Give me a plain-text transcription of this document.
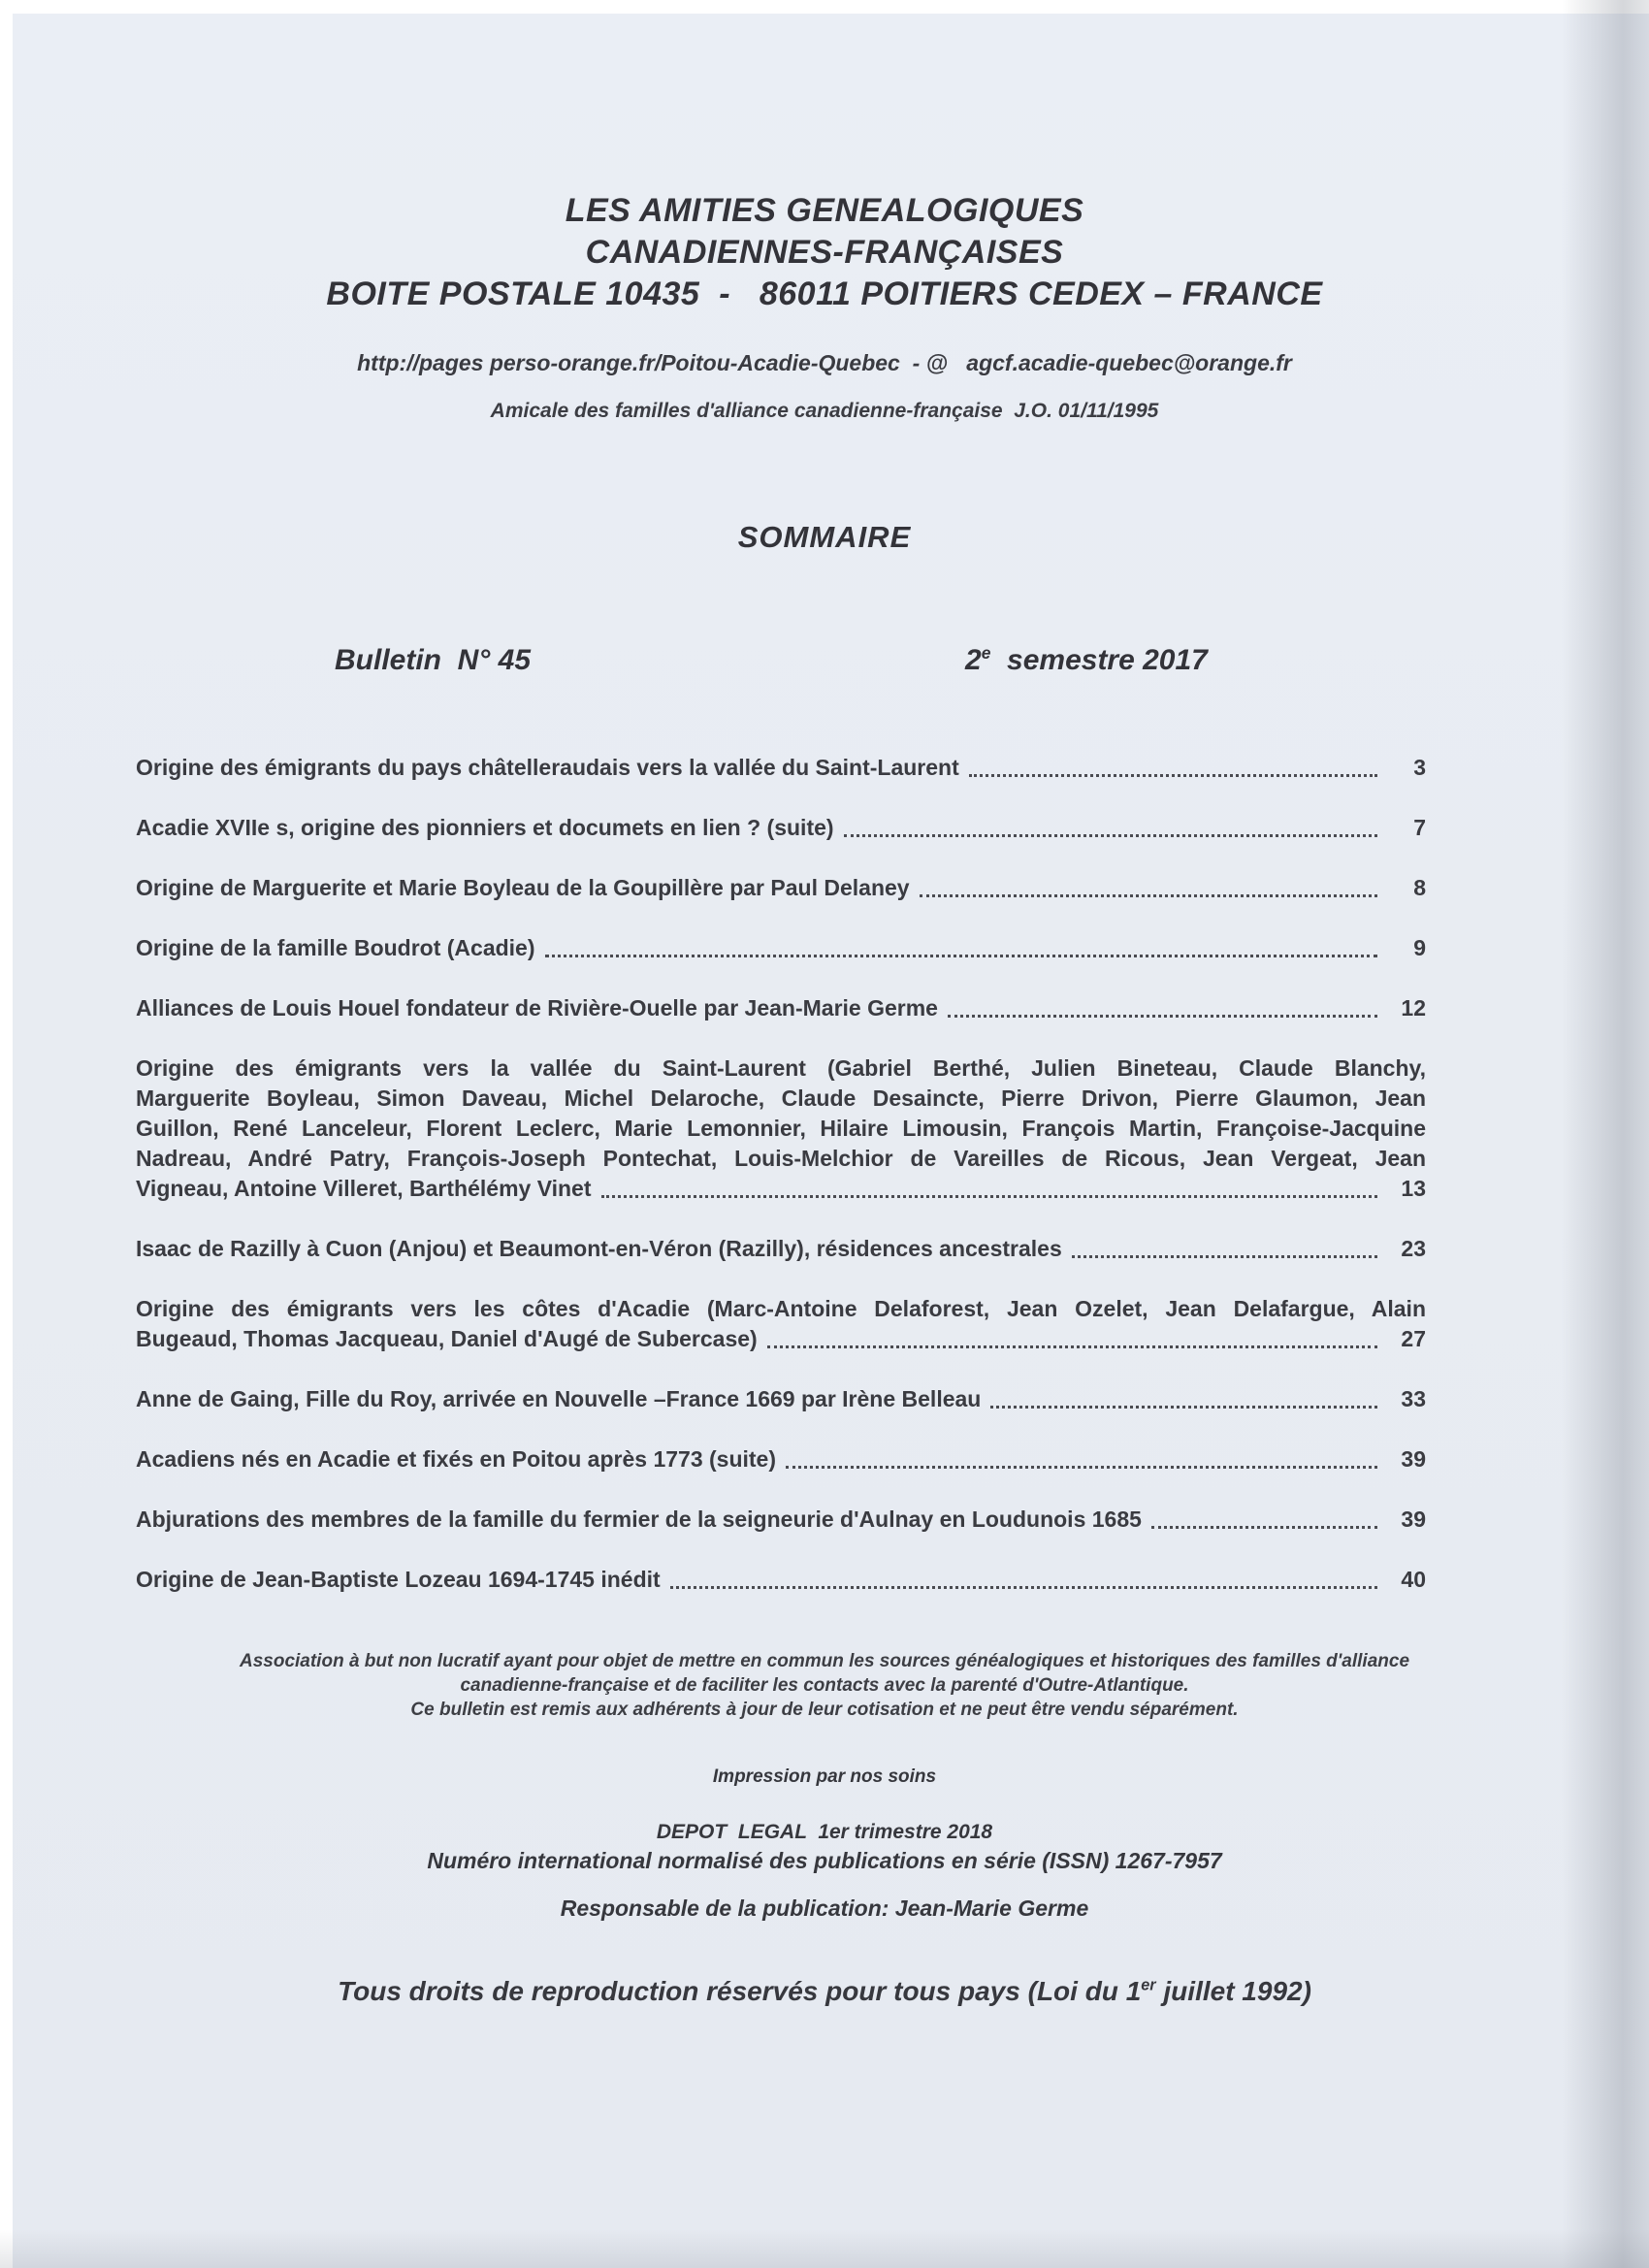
LES AMITIES GENEALOGIQUES
CANADIENNES-FRANÇAISES
BOITE POSTALE 10435  -   86011 POITIERS CEDEX – FRANCE
http://pages perso-orange.fr/Poitou-Acadie-Quebec  - @   agcf.acadie-quebec@orange.fr
Amicale des familles d'alliance canadienne-française  J.O. 01/11/1995
SOMMAIRE
Bulletin  N° 45	2e  semestre 2017
Origine des émigrants du pays châtelleraudais vers la vallée du Saint-Laurent	3
Acadie XVIIe s, origine des pionniers et documets en lien ? (suite)	7
Origine de Marguerite et Marie Boyleau de la Goupillère par Paul Delaney	8
Origine de la famille Boudrot (Acadie)	9
Alliances de Louis Houel fondateur de Rivière-Ouelle par Jean-Marie Germe	12
Origine des émigrants vers la vallée du Saint-Laurent (Gabriel Berthé, Julien Bineteau, Claude Blanchy,
Marguerite Boyleau, Simon Daveau, Michel Delaroche, Claude Desaincte, Pierre Drivon, Pierre Glaumon, Jean
Guillon, René Lanceleur, Florent Leclerc, Marie Lemonnier, Hilaire Limousin, François Martin, Françoise-Jacquine
Nadreau, André Patry, François-Joseph Pontechat, Louis-Melchior de Vareilles de Ricous, Jean Vergeat, Jean
Vigneau, Antoine Villeret, Barthélémy Vinet	13
Isaac de Razilly à Cuon (Anjou) et Beaumont-en-Véron (Razilly), résidences ancestrales	23
Origine des émigrants vers les côtes d'Acadie (Marc-Antoine Delaforest, Jean Ozelet, Jean Delafargue, Alain
Bugeaud, Thomas Jacqueau, Daniel d'Augé de Subercase)	27
Anne de Gaing, Fille du Roy, arrivée en Nouvelle –France 1669 par Irène Belleau	33
Acadiens nés en Acadie et fixés en Poitou après 1773 (suite)	39
Abjurations des membres de la famille du fermier de la seigneurie d'Aulnay en Loudunois 1685	39
Origine de Jean-Baptiste Lozeau 1694-1745 inédit	40
Association à but non lucratif ayant pour objet de mettre en commun les sources généalogiques et historiques des familles d'alliance
canadienne-française et de faciliter les contacts avec la parenté d'Outre-Atlantique.
Ce bulletin est remis aux adhérents à jour de leur cotisation et ne peut être vendu séparément.
Impression par nos soins
DEPOT  LEGAL  1er trimestre 2018
Numéro international normalisé des publications en série (ISSN) 1267-7957
Responsable de la publication: Jean-Marie Germe
Tous droits de reproduction réservés pour tous pays (Loi du 1er juillet 1992)
